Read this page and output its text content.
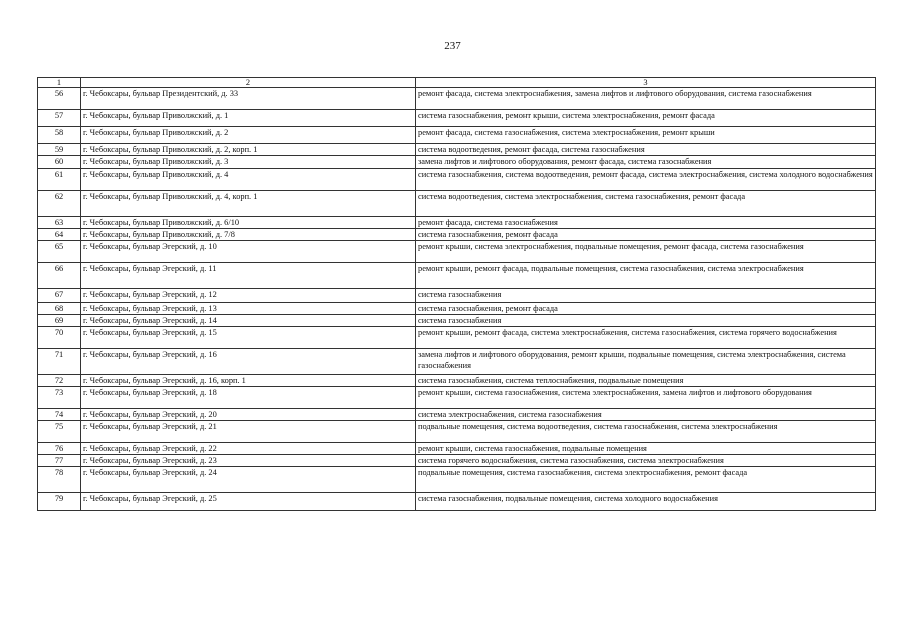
237
1	2	3
56	г. Чебоксары, бульвар Президентский, д. 33	ремонт фасада, система электроснабжения, замена лифтов и лифтового оборудования, система газоснабжения
57	г. Чебоксары, бульвар Приволжский, д. 1	система газоснабжения, ремонт крыши, система электроснабжения, ремонт фасада
58	г. Чебоксары, бульвар Приволжский, д. 2	ремонт фасада, система газоснабжения, система электроснабжения, ремонт крыши
59	г. Чебоксары, бульвар Приволжский, д. 2, корп. 1	система водоотведения, ремонт фасада, система газоснабжения
60	г. Чебоксары, бульвар Приволжский, д. 3	замена лифтов и лифтового оборудования, ремонт фасада, система газоснабжения
61	г. Чебоксары, бульвар Приволжский, д. 4	система газоснабжения, система водоотведения, ремонт фасада, система электроснабжения, система холодного водоснабжения
62	г. Чебоксары, бульвар Приволжский, д. 4, корп. 1	система водоотведения, система электроснабжения, система газоснабжения, ремонт фасада
63	г. Чебоксары, бульвар Приволжский, д. 6/10	ремонт фасада, система газоснабжения
64	г. Чебоксары, бульвар Приволжский, д. 7/8	система газоснабжения, ремонт фасада
65	г. Чебоксары, бульвар Эгерский, д. 10	ремонт крыши, система электроснабжения, подвальные помещения, ремонт фасада, система газоснабжения
66	г. Чебоксары, бульвар Эгерский, д. 11	ремонт крыши, ремонт фасада, подвальные помещения, система газоснабжения, система электроснабжения
67	г. Чебоксары, бульвар Эгерский, д. 12	система газоснабжения
68	г. Чебоксары, бульвар Эгерский, д. 13	система газоснабжения, ремонт фасада
69	г. Чебоксары, бульвар Эгерский, д. 14	система газоснабжения
70	г. Чебоксары, бульвар Эгерский, д. 15	ремонт крыши, ремонт фасада, система электроснабжения, система газоснабжения, система горячего водоснабжения
71	г. Чебоксары, бульвар Эгерский, д. 16	замена лифтов и лифтового оборудования, ремонт крыши, подвальные помещения, система электроснабжения, система газоснабжения
72	г. Чебоксары, бульвар Эгерский, д. 16, корп. 1	система газоснабжения, система теплоснабжения, подвальные помещения
73	г. Чебоксары, бульвар Эгерский, д. 18	ремонт крыши, система газоснабжения, система электроснабжения, замена лифтов и лифтового оборудования
74	г. Чебоксары, бульвар Эгерский, д. 20	система электроснабжения, система газоснабжения
75	г. Чебоксары, бульвар Эгерский, д. 21	подвальные помещения, система водоотведения, система газоснабжения, система электроснабжения
76	г. Чебоксары, бульвар Эгерский, д. 22	ремонт крыши, система газоснабжения, подвальные помещения
77	г. Чебоксары, бульвар Эгерский, д. 23	система горячего водоснабжения, система газоснабжения, система электроснабжения
78	г. Чебоксары, бульвар Эгерский, д. 24	подвальные помещения, система газоснабжения, система электроснабжения, ремонт фасада
79	г. Чебоксары, бульвар Эгерский, д. 25	система газоснабжения, подвальные помещения, система холодного водоснабжения
